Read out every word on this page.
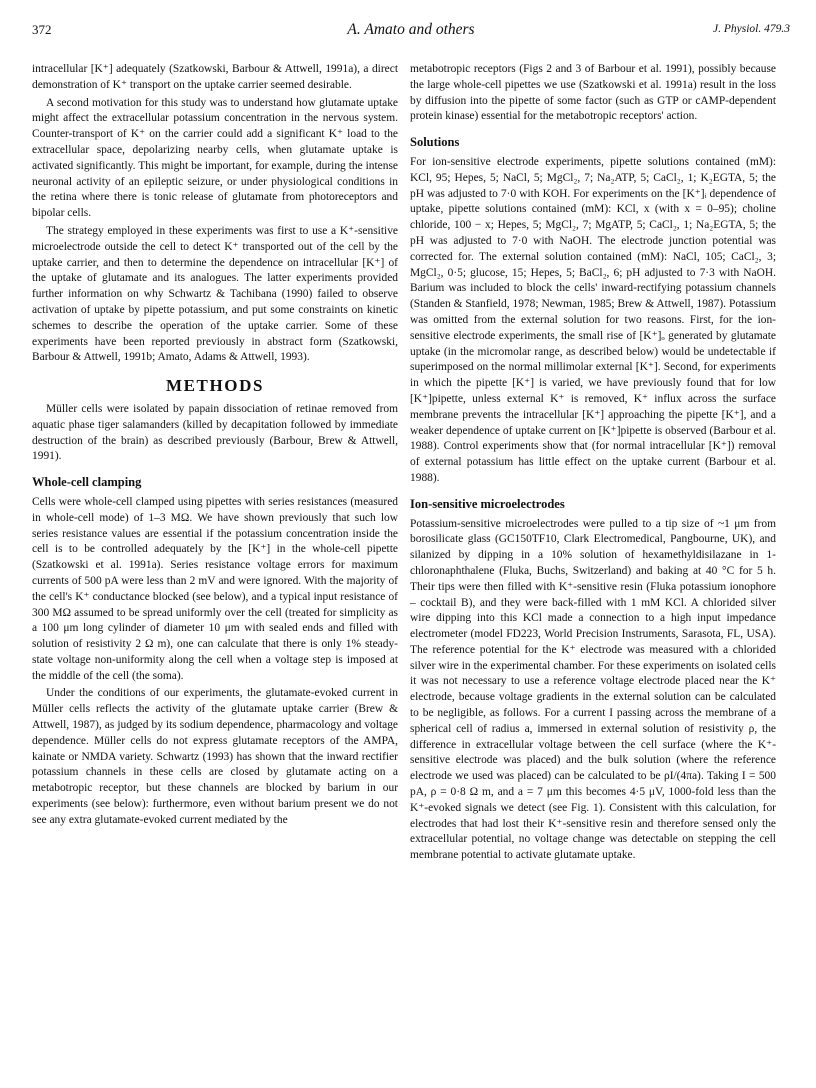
372	A. Amato and others	J. Physiol. 479.3

intracellular [K⁺] adequately (Szatkowski, Barbour & Attwell, 1991a), a direct demonstration of K⁺ transport on the uptake carrier seemed desirable.

A second motivation for this study was to understand how glutamate uptake might affect the extracellular potassium concentration in the nervous system. Counter-transport of K⁺ on the carrier could add a significant K⁺ load to the extracellular space, depolarizing nearby cells, when glutamate uptake is activated significantly. This might be important, for example, during the intense neuronal activity of an epileptic seizure, or under physiological conditions in the retina where there is tonic release of glutamate from photoreceptors and bipolar cells.

The strategy employed in these experiments was first to use a K⁺-sensitive microelectrode outside the cell to detect K⁺ transported out of the cell by the uptake carrier, and then to determine the dependence on intracellular [K⁺] of the uptake of glutamate and its analogues. The latter experiments provided further information on why Schwartz & Tachibana (1990) failed to observe activation of uptake by pipette potassium, and put some constraints on kinetic schemes to describe the operation of the uptake carrier. Some of these experiments have been reported previously in abstract form (Szatkowski, Barbour & Attwell, 1991b; Amato, Adams & Attwell, 1993).

METHODS

Müller cells were isolated by papain dissociation of retinae removed from aquatic phase tiger salamanders (killed by decapitation followed by immediate destruction of the brain) as described previously (Barbour, Brew & Attwell, 1991).

Whole-cell clamping

Cells were whole-cell clamped using pipettes with series resistances (measured in whole-cell mode) of 1–3 MΩ. We have shown previously that such low series resistance values are essential if the potassium concentration inside the cell is to be controlled adequately by the [K⁺] in the whole-cell pipette (Szatkowski et al. 1991a). Series resistance voltage errors for maximum currents of 500 pA were less than 2 mV and were ignored. With the majority of the cell's K⁺ conductance blocked (see below), and a typical input resistance of 300 MΩ assumed to be spread uniformly over the cell (treated for simplicity as a 100 μm long cylinder of diameter 10 μm with sealed ends and filled with solution of resistivity 2 Ω m), one can calculate that there is only 1% steady-state voltage non-uniformity along the cell when a voltage step is imposed at the middle of the cell (the soma).

Under the conditions of our experiments, the glutamate-evoked current in Müller cells reflects the activity of the glutamate uptake carrier (Brew & Attwell, 1987), as judged by its sodium dependence, pharmacology and voltage dependence. Müller cells do not express glutamate receptors of the AMPA, kainate or NMDA variety. Schwartz (1993) has shown that the inward rectifier potassium channels in these cells are closed by glutamate acting on a metabotropic receptor, but these channels are blocked by barium in our experiments (see below): furthermore, even without barium present we do not see any extra glutamate-evoked current mediated by the

metabotropic receptors (Figs 2 and 3 of Barbour et al. 1991), possibly because the large whole-cell pipettes we use (Szatkowski et al. 1991a) result in the loss by diffusion into the pipette of some factor (such as GTP or cAMP-dependent protein kinase) essential for the metabotropic receptors' action.

Solutions

For ion-sensitive electrode experiments, pipette solutions contained (mM): KCl, 95; Hepes, 5; NaCl, 5; MgCl₂, 7; Na₂ATP, 5; CaCl₂, 1; K₂EGTA, 5; the pH was adjusted to 7·0 with KOH. For experiments on the [K⁺]ᵢ dependence of uptake, pipette solutions contained (mM): KCl, x (with x = 0–95); choline chloride, 100 − x; Hepes, 5; MgCl₂, 7; MgATP, 5; CaCl₂, 1; Na₂EGTA, 5; the pH was adjusted to 7·0 with NaOH. The electrode junction potential was corrected for. The external solution contained (mM): NaCl, 105; CaCl₂, 3; MgCl₂, 0·5; glucose, 15; Hepes, 5; BaCl₂, 6; pH adjusted to 7·3 with NaOH. Barium was included to block the cells' inward-rectifying potassium channels (Standen & Stanfield, 1978; Newman, 1985; Brew & Attwell, 1987). Potassium was omitted from the external solution for two reasons. First, for the ion-sensitive electrode experiments, the small rise of [K⁺]ₒ generated by glutamate uptake (in the micromolar range, as described below) would be undetectable if superimposed on the normal millimolar external [K⁺]. Second, for experiments in which the pipette [K⁺] is varied, we have previously found that for low [K⁺]pipette, unless external K⁺ is removed, K⁺ influx across the surface membrane prevents the intracellular [K⁺] approaching the pipette [K⁺], and a weaker dependence of uptake current on [K⁺]pipette is observed (Barbour et al. 1988). Control experiments show that (for normal intracellular [K⁺]) removal of external potassium has little effect on the uptake current (Barbour et al. 1988).

Ion-sensitive microelectrodes

Potassium-sensitive microelectrodes were pulled to a tip size of ~1 μm from borosilicate glass (GC150TF10, Clark Electromedical, Pangbourne, UK), and silanized by dipping in a 10% solution of hexamethyldisilazane in 1-chloronaphthalene (Fluka, Buchs, Switzerland) and baking at 40 °C for 5 h. Their tips were then filled with K⁺-sensitive resin (Fluka potassium ionophore – cocktail B), and they were back-filled with 1 mM KCl. A chlorided silver wire dipping into this KCl made a connection to a high input impedance electrometer (model FD223, World Precision Instruments, Sarasota, FL, USA). The reference potential for the K⁺ electrode was measured with a chlorided silver wire in the experimental chamber. For these experiments on isolated cells it was not necessary to use a reference voltage electrode placed near the K⁺ electrode, because voltage gradients in the external solution can be calculated to be negligible, as follows. For a current I passing across the membrane of a spherical cell of radius a, immersed in external solution of resistivity ρ, the difference in extracellular voltage between the cell surface (where the K⁺-sensitive electrode was placed) and the bulk solution (where the reference electrode we used was placed) can be calculated to be ρI/(4πa). Taking I = 500 pA, ρ = 0·8 Ω m, and a = 7 μm this becomes 4·5 μV, 1000-fold less than the K⁺-evoked signals we detect (see Fig. 1). Consistent with this calculation, for electrodes that had lost their K⁺-sensitive resin and therefore sensed only the extracellular potential, no voltage change was detectable on stepping the cell membrane potential to activate glutamate uptake.
